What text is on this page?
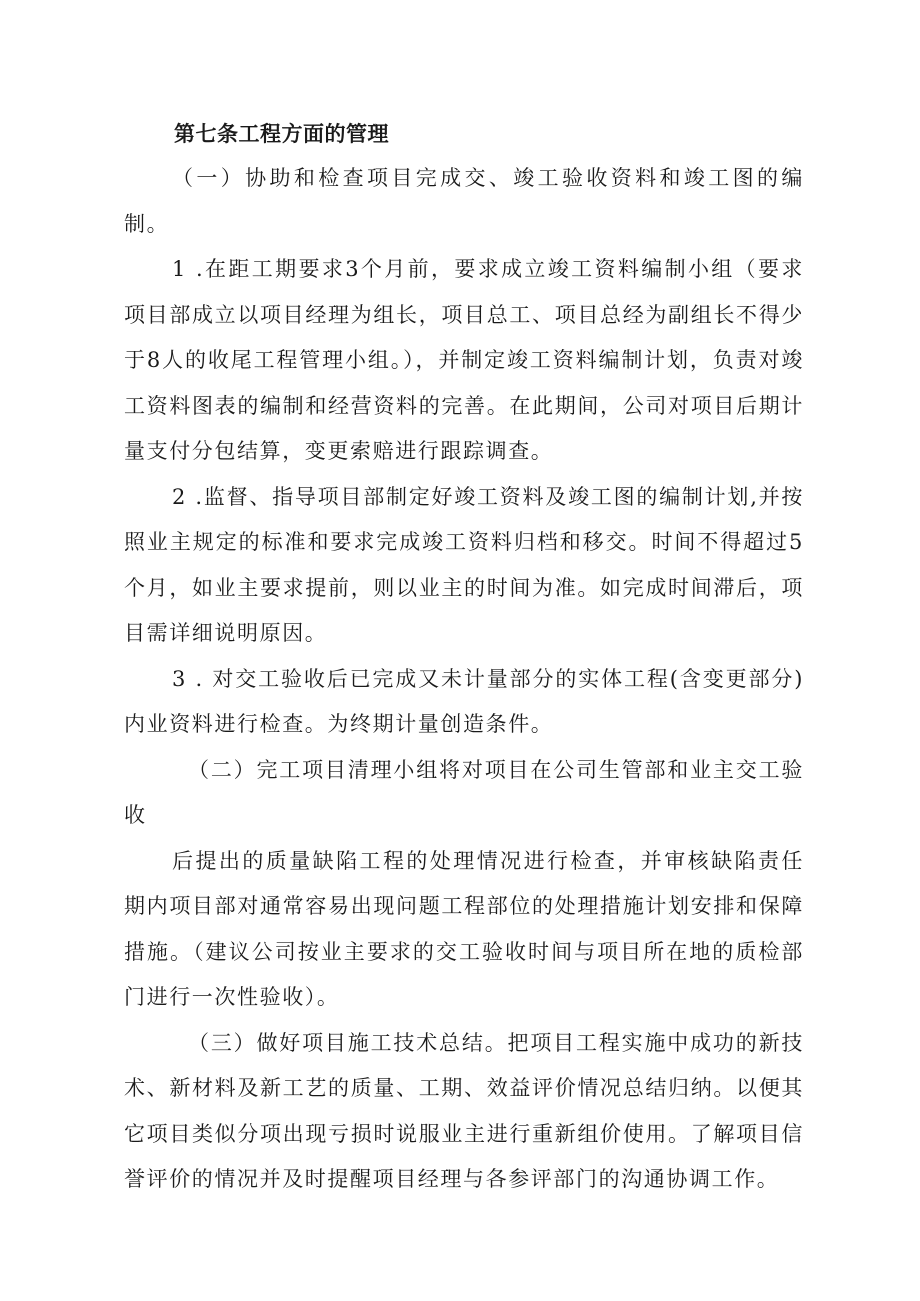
第七条工程方面的管理

（一）协助和检查项目完成交、竣工验收资料和竣工图的编制。

1 .在距工期要求3个月前，要求成立竣工资料编制小组（要求项目部成立以项目经理为组长，项目总工、项目总经为副组长不得少于8人的收尾工程管理小组。），并制定竣工资料编制计划，负责对竣工资料图表的编制和经营资料的完善。在此期间，公司对项目后期计量支付分包结算，变更索赔进行跟踪调查。

2 .监督、指导项目部制定好竣工资料及竣工图的编制计划,并按照业主规定的标准和要求完成竣工资料归档和移交。时间不得超过5个月，如业主要求提前，则以业主的时间为准。如完成时间滞后，项目需详细说明原因。

3 . 对交工验收后已完成又未计量部分的实体工程(含变更部分)内业资料进行检查。为终期计量创造条件。

（二）完工项目清理小组将对项目在公司生管部和业主交工验收

后提出的质量缺陷工程的处理情况进行检查，并审核缺陷责任期内项目部对通常容易出现问题工程部位的处理措施计划安排和保障措施。（建议公司按业主要求的交工验收时间与项目所在地的质检部门进行一次性验收）。

（三）做好项目施工技术总结。把项目工程实施中成功的新技术、新材料及新工艺的质量、工期、效益评价情况总结归纳。以便其它项目类似分项出现亏损时说服业主进行重新组价使用。了解项目信誉评价的情况并及时提醒项目经理与各参评部门的沟通协调工作。
